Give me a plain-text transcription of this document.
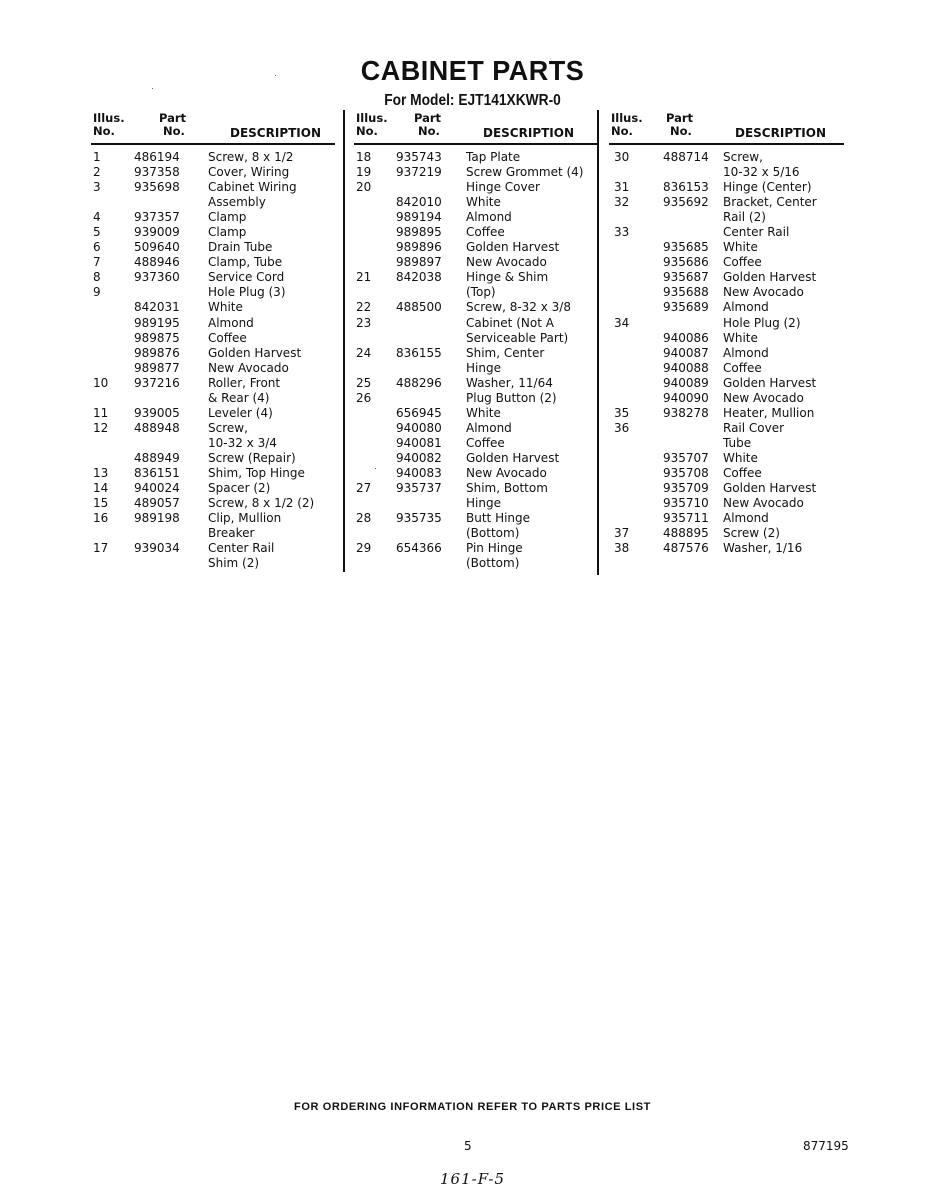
CABINET PARTS
For Model: EJT141XKWR-0
Illus.
No.
Part
No.	DESCRIPTION
1	486194 Screw, 8 x 1/2
2	937358 Cover, Wiring
3	935698 Cabinet Wiring
Assembly
4	937357 Clamp
5	939009 Clamp
6	509640 Drain Tube
7	488946 Clamp, Tube
8	937360 Service Cord
9	Hole Plug (3)
842031 White
989195 Almond
989875 Coffee
989876 Golden Harvest
989877 New Avocado
10 937216 Roller, Front
& Rear (4)
11 939005 Leveler (4)
12 488948 Screw,
10-32 x 3/4
488949 Screw (Repair)
13 836151 Shim, Top Hinge
14 940024 Spacer (2)
15 489057 Screw, 8 x 1/2 (2)
16 989198 Clip, Mullion
Breaker
17 939034 Center Rail
Shim (2)
Illus.
No.
Part
No.	DESCRIPTION
18 935743 Tap Plate
19 937219 Screw Grommet (4)
20	Hinge Cover
842010 White
989194 Almond
989895 Coffee
989896 Golden Harvest
989897 New Avocado
21 842038 Hinge & Shim
(Top)
22 488500 Screw, 8-32 x 3/8
23	Cabinet (Not A
Serviceable Part)
24 836155 Shim, Center
Hinge
25 488296 Washer, 11/64
26	Plug Button (2)
656945 White
940080 Almond
940081 Coffee
940082 Golden Harvest
940083 New Avocado
27 935737 Shim, Bottom
Hinge
28 935735 Butt Hinge
(Bottom)
29 654366 Pin Hinge
(Bottom)
Illus.
No.
Part
No.	DESCRIPTION
30	488714 Screw,
10-32 x 5/16
31	836153 Hinge (Center)
32	935692 Bracket, Center
Rail (2)
33	Center Rail
935685 White
935686 Coffee
935687 Golden Harvest
935688 New Avocado
935689 Almond
34	Hole Plug (2)
940086 White
940087 Almond
940088 Coffee
940089 Golden Harvest
940090 New Avocado
35	938278 Heater, Mullion
36	Rail Cover
Tube
935707 White
935708 Coffee
935709 Golden Harvest
935710 New Avocado
935711 Almond
37	488895 Screw (2)
38	487576 Washer, 1/16
FOR ORDERING INFORMATION REFER TO PARTS PRICE LIST
5	877195
161-F-5
